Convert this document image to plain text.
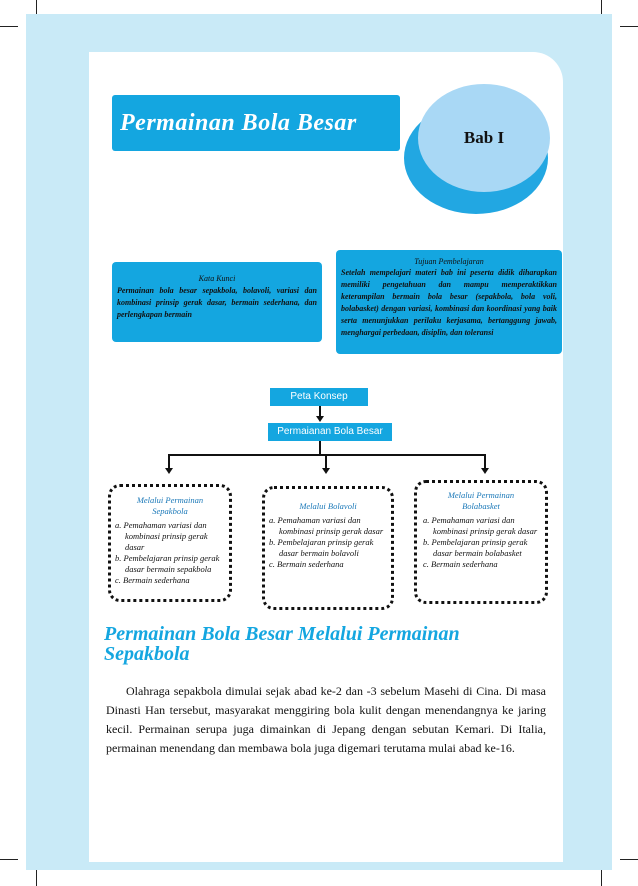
Permainan Bola Besar
Bab I
Kata Kunci
Permainan bola besar sepakbola, bolavoli, variasi dan kombinasi prinsip gerak dasar, bermain sederhana, dan perlengkapan bermain
Tujuan Pembelajaran
Setelah mempelajari materi bab ini peserta didik diharapkan memiliki pengetahuan dan mampu memperaktikkan keterampilan bermain bola besar (sepakbola, bola voli, bolabasket) dengan variasi, kombinasi dan koordinasi yang baik serta menunjukkan perilaku kerjasama, bertanggung jawab, menghargai perbedaan, disiplin, dan toleransi
Peta Konsep
Permaianan Bola Besar
Melalui Permainan Sepakbola
a. Pemahaman variasi dan kombinasi prinsip gerak dasar
b. Pembelajaran prinsip gerak dasar bermain sepakbola
c. Bermain sederhana
Melalui Bolavoli
a. Pemahaman variasi dan kombinasi prinsip gerak dasar
b. Pembelajaran prinsip gerak dasar bermain bolavoli
c. Bermain sederhana
Melalui Permainan Bolabasket
a. Pemahaman variasi dan kombinasi prinsip gerak dasar
b. Pembelajaran prinsip gerak dasar bermain bolabasket
c. Bermain sederhana
Permainan Bola Besar Melalui Permainan Sepakbola
Olahraga sepakbola dimulai sejak abad ke-2 dan -3 sebelum Masehi di Cina. Di masa Dinasti Han tersebut, masyarakat menggiring bola kulit dengan menendangnya ke jaring kecil. Permainan serupa juga dimainkan di Jepang dengan sebutan Kemari. Di Italia, permainan menendang dan membawa bola juga digemari terutama mulai abad ke-16.
